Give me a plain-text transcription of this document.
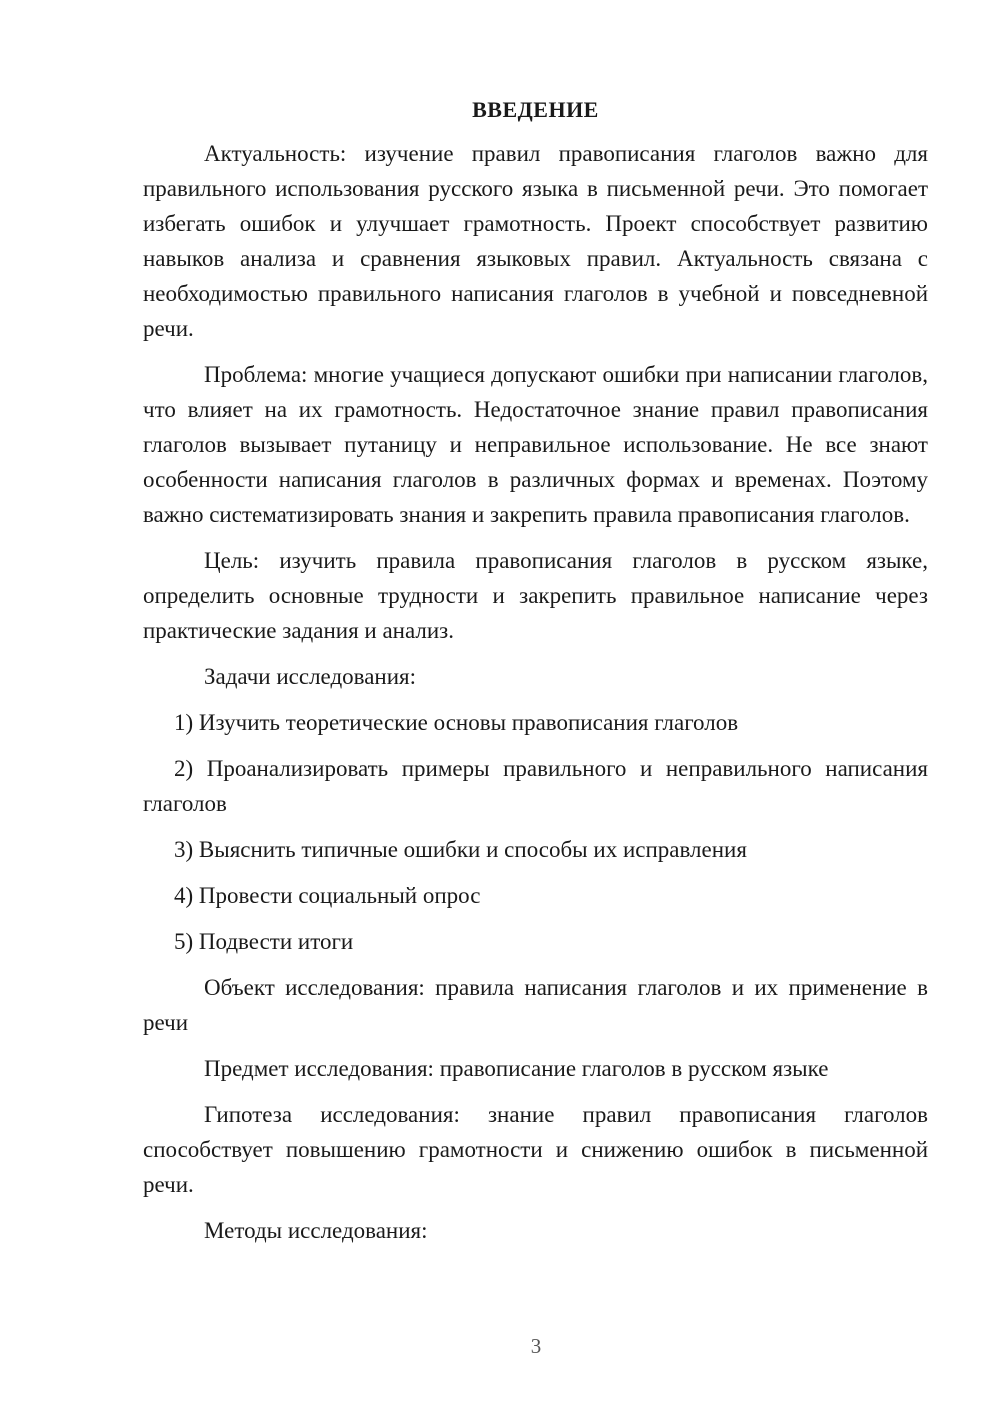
ВВЕДЕНИЕ
Актуальность: изучение правил правописания глаголов важно для правильного использования русского языка в письменной речи. Это помогает избегать ошибок и улучшает грамотность. Проект способствует развитию навыков анализа и сравнения языковых правил. Актуальность связана с необходимостью правильного написания глаголов в учебной и повседневной речи.
Проблема: многие учащиеся допускают ошибки при написании глаголов, что влияет на их грамотность. Недостаточное знание правил правописания глаголов вызывает путаницу и неправильное использование. Не все знают особенности написания глаголов в различных формах и временах. Поэтому важно систематизировать знания и закрепить правила правописания глаголов.
Цель: изучить правила правописания глаголов в русском языке, определить основные трудности и закрепить правильное написание через практические задания и анализ.
Задачи исследования:
1) Изучить теоретические основы правописания глаголов
2) Проанализировать примеры правильного и неправильного написания глаголов
3) Выяснить типичные ошибки и способы их исправления
4) Провести социальный опрос
5) Подвести итоги
Объект исследования: правила написания глаголов и их применение в речи
Предмет исследования: правописание глаголов в русском языке
Гипотеза исследования: знание правил правописания глаголов способствует повышению грамотности и снижению ошибок в письменной речи.
Методы исследования:
3
